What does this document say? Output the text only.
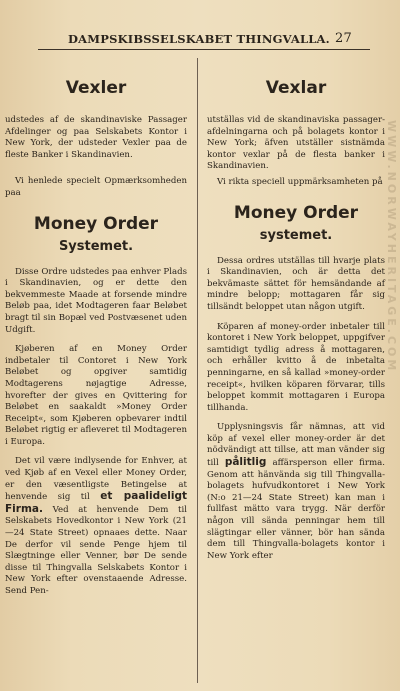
DAMPSKIBSSELSKABET THINGVALLA. 27

Vexler

udstedes af de skandinaviske Passager Afdelinger og paa Selskabets Kontor i New York, der udsteder Vexler paa de fleste Banker i Skandinavien.

Vi henlede specielt Opmærksomheden paa

Money Order

Systemet.

Disse Ordre udstedes paa enhver Plads i Skandinavien, og er dette den bekvemmeste Maade at forsende mindre Beløb paa, idet Modtageren faar Beløbet bragt til sin Bopæl ved Postvæsenet uden Udgift.

Kjøberen af en Money Order indbetaler til Contoret i New York Beløbet og opgiver samtidig Modtagerens nøjagtige Adresse, hvorefter der gives en Qvittering for Beløbet en saakaldt »Money Order Receipt«, som Kjøberen opbevarer indtil Beløbet rigtig er afleveret til Modtageren i Europa.

Det vil være indlysende for Enhver, at ved Kjøb af en Vexel eller Money Order, er den væsentligste Betingelse at henvende sig til et paalideligt Firma. Ved at henvende Dem til Selskabets Hovedkontor i New York (21—24 State Street) opnaaes dette. Naar De derfor vil sende Penge hjem til Slægtninge eller Venner, bør De sende disse til Thingvalla Selskabets Kontor i New York efter ovenstaaende Adresse. Send Pen-

Vexlar

utställas vid de skandinaviska passager-afdelningarna och på bolagets kontor i New York; äfven utställer sistnämda kontor vexlar på de flesta banker i Skandinavien.

Vi rikta speciell uppmärksamheten på

Money Order

systemet.

Dessa ordres utställas till hvarje plats i Skandinavien, och är detta det bekvämaste sättet för hemsändande af mindre belopp; mottagaren får sig tillsändt beloppet utan någon utgift.

Köparen af money-order inbetaler till kontoret i New York beloppet, uppgifver samtidigt tydlig adress å mottagaren, och erhåller kvitto å de inbetalta penningarne, en så kallad »money-order receipt«, hvilken köparen förvarar, tills beloppet kommit mottagaren i Europa tillhanda.

Upplysningsvis får nämnas, att vid köp af vexel eller money-order är det nödvändigt att tillse, att man vänder sig till pålitlig affärsperson eller firma. Genom att hänvända sig till Thingvalla-bolagets hufvudkontoret i New York (N:o 21—24 State Street) kan man i fullfast mätto vara trygg. När derför någon vill sända penningar hem till slägtingar eller vänner, bör han sända dem till Thingvalla-bolagets kontor i New York efter

WWW.NORWAYHERITAGE.COM
